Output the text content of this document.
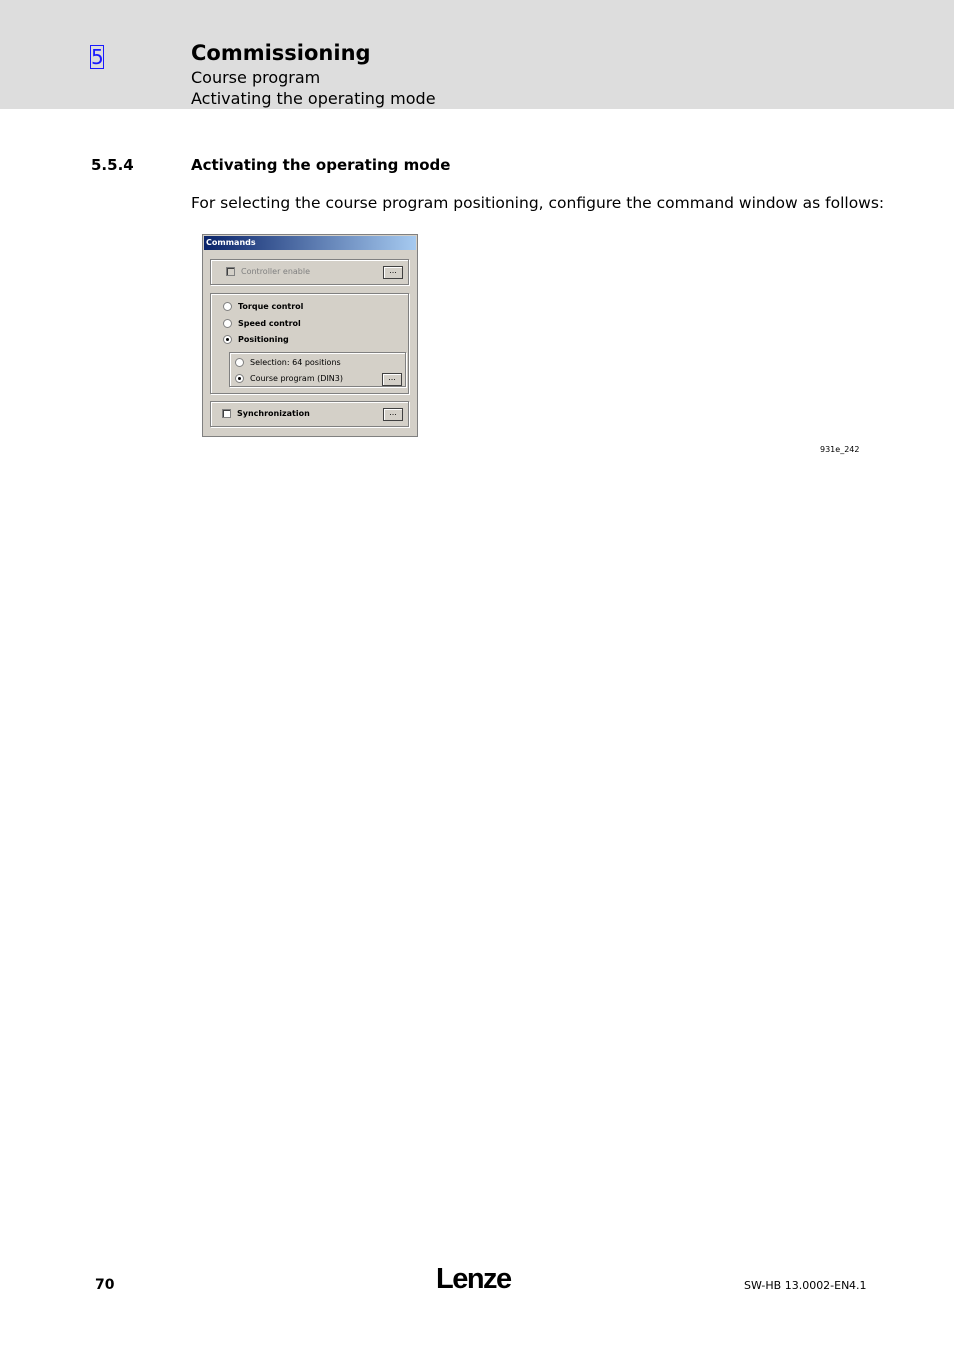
5	Commissioning
Course program
Activating the operating mode
5.5.4	Activating the operating mode
For selecting the course program positioning, configure the command window as follows:
Commands
Controller enable	...
Torque control
Speed control
Positioning
Selection: 64 positions
Course program (DIN3)	...
Synchronization	...
931e_242
70	Lenze	SW-HB 13.0002-EN 4.1
